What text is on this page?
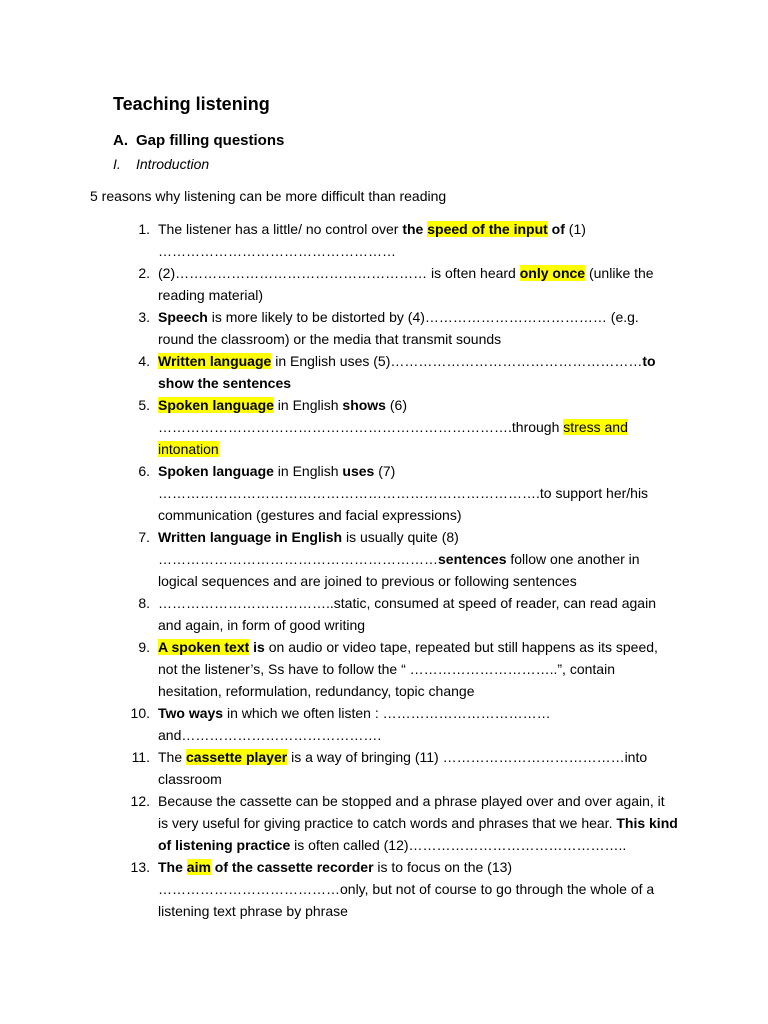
Teaching listening
A. Gap filling questions
I. Introduction
5 reasons why listening can be more difficult than reading
1. The listener has a little/ no control over the speed of the input of (1) ……………………………………………
2. (2)……………………………………………… is often heard only once (unlike the reading material)
3. Speech is more likely to be distorted by (4)………………………………… (e.g. round the classroom) or the media that transmit sounds
4. Written language in English uses (5)………………………………………………to show the sentences
5. Spoken language in English shows (6) ………………………………………………………………….through stress and intonation
6. Spoken language in English uses (7) ……………………………………………………………………….to support her/his communication (gestures and facial expressions)
7. Written language in English is usually quite (8) ……………………………………………………sentences follow one another in logical sequences and are joined to previous or following sentences
8. ………………………………..static, consumed at speed of reader, can read again and again, in form of good writing
9. A spoken text is on audio or video tape, repeated but still happens as its speed, not the listener’s, Ss have to follow the “ …………………………..”, contain hesitation, reformulation, redundancy, topic change
10. Two ways in which we often listen : ………………………………and…………………………………….
11. The cassette player is a way of bringing (11) …………………………………into classroom
12. Because the cassette can be stopped and a phrase played over and over again, it is very useful for giving practice to catch words and phrases that we hear. This kind of listening practice is often called (12)………………………………………..
13. The aim of the cassette recorder is to focus on the (13) …………………………………only, but not of course to go through the whole of a listening text phrase by phrase
